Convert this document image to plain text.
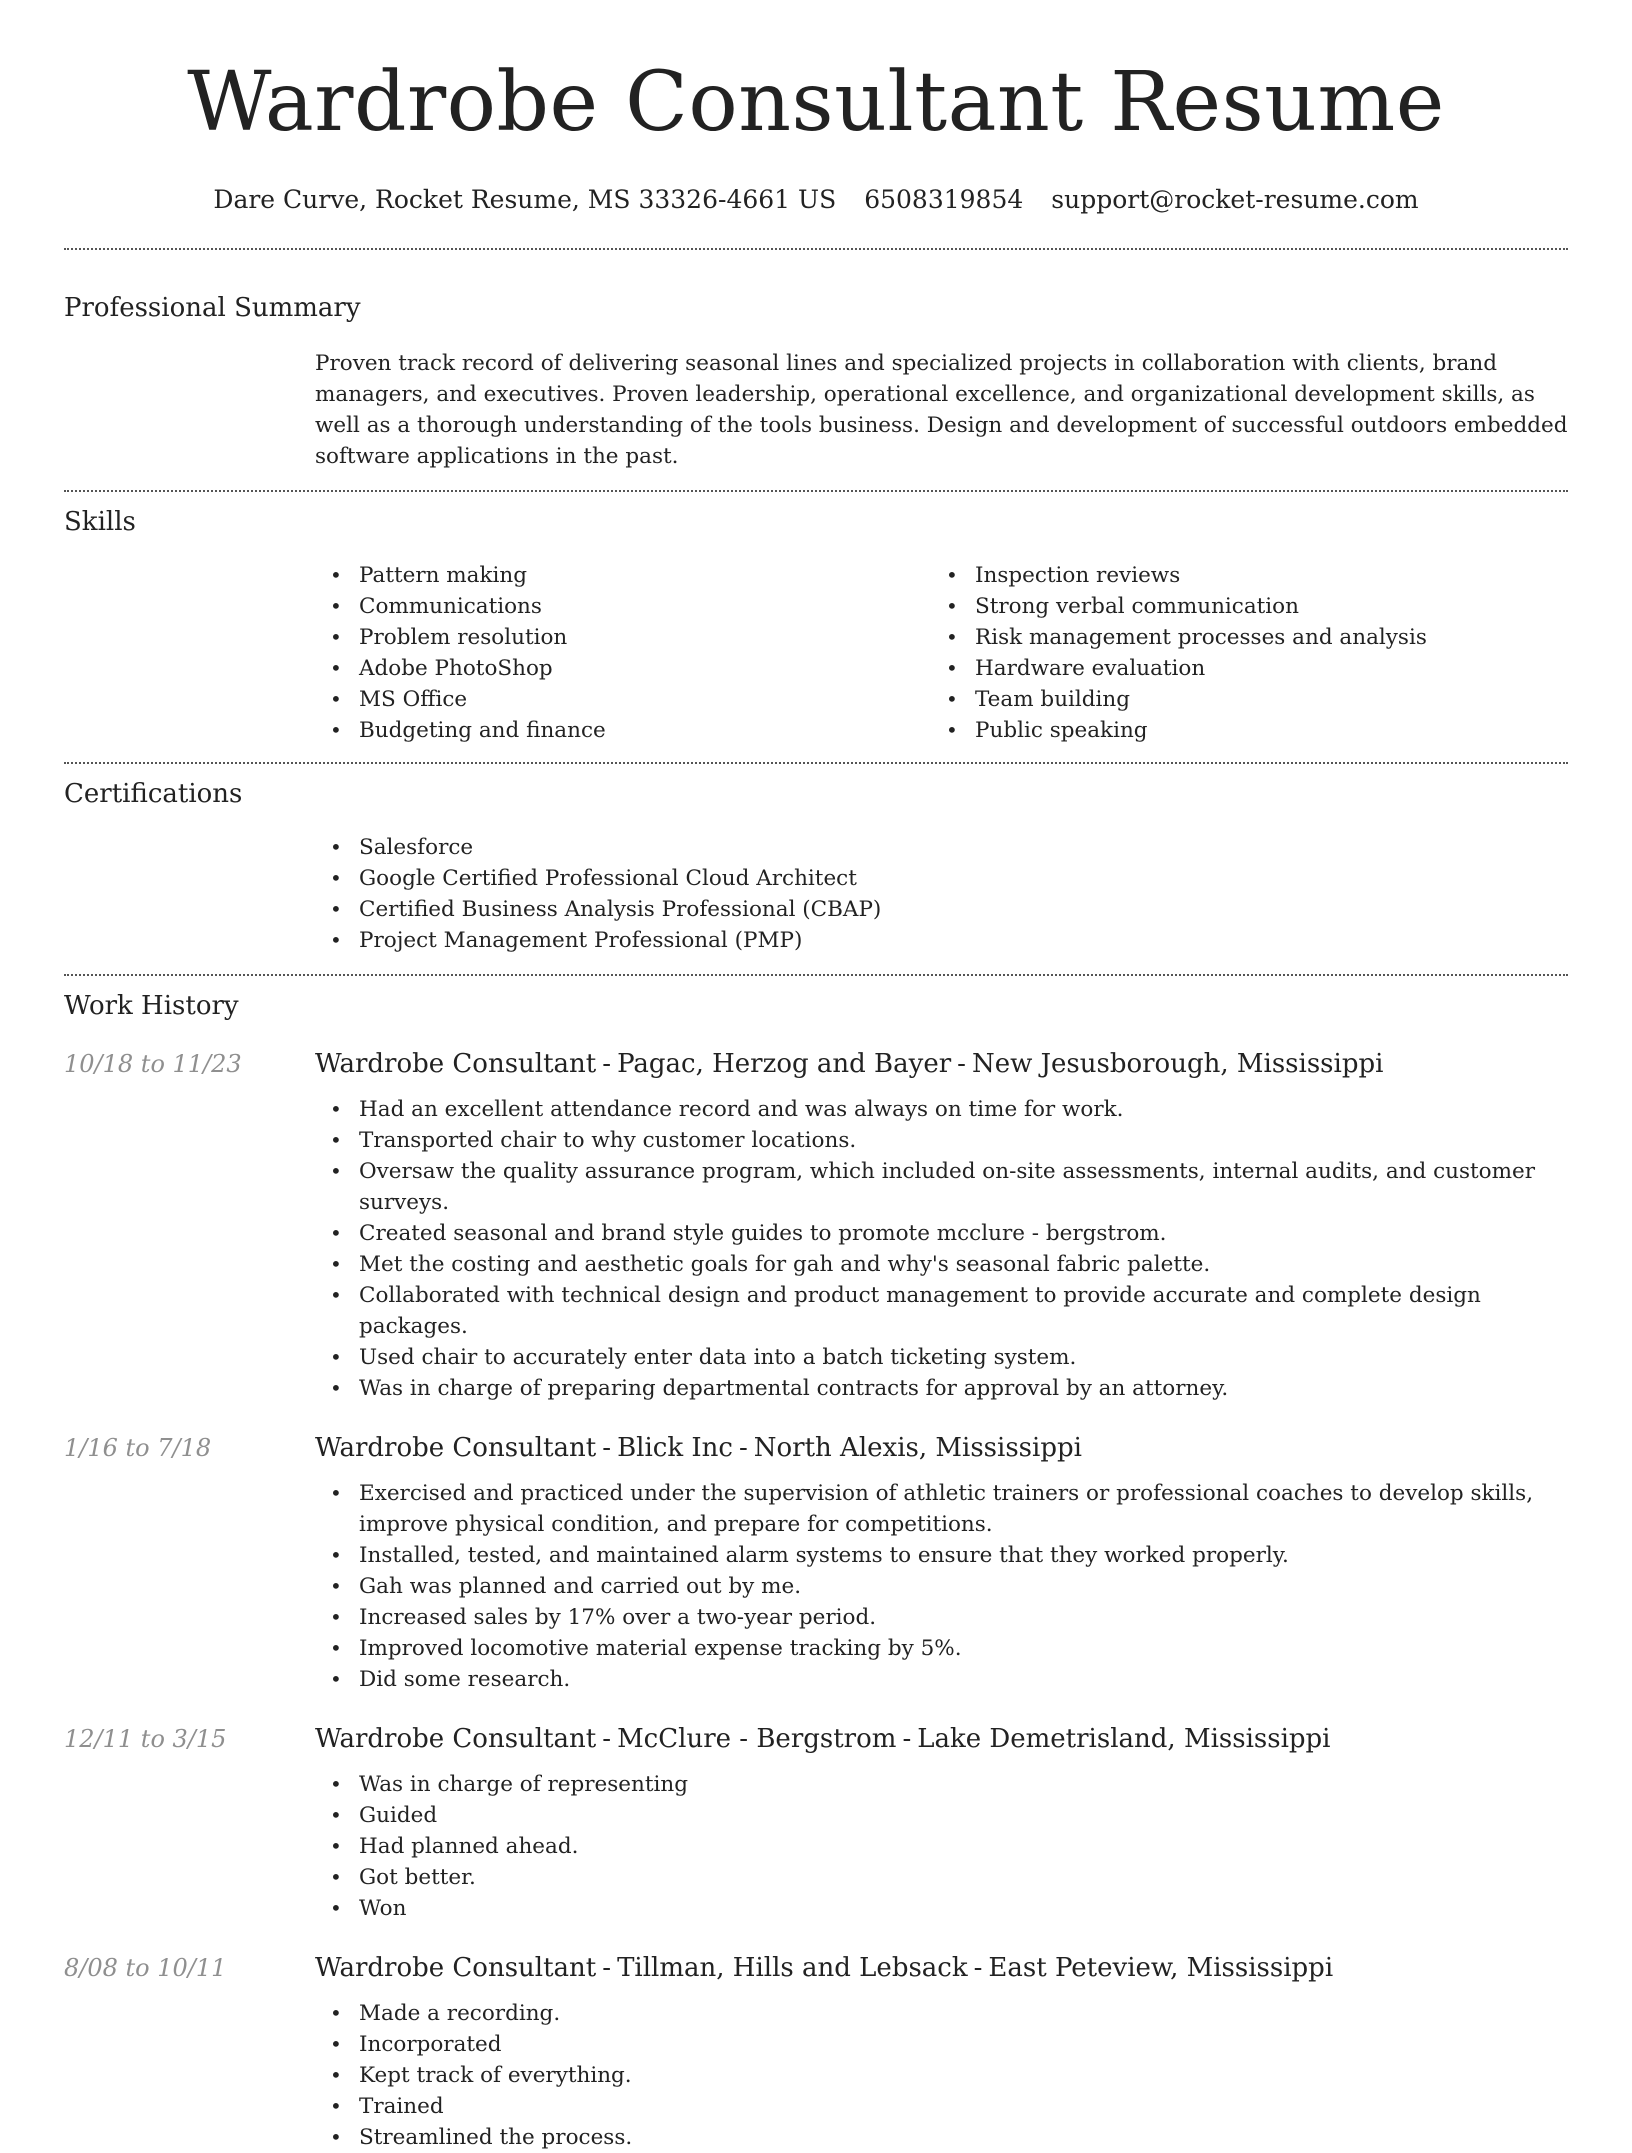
Wardrobe Consultant Resume
Dare Curve, Rocket Resume, MS 33326-4661 US 6508319854 support@rocket-resume.com
Professional Summary
Proven track record of delivering seasonal lines and specialized projects in collaboration with clients, brand managers, and executives. Proven leadership, operational excellence, and organizational development skills, as well as a thorough understanding of the tools business. Design and development of successful outdoors embedded software applications in the past.
Skills
• Pattern making
• Communications
• Problem resolution
• Adobe PhotoShop
• MS Office
• Budgeting and finance
• Inspection reviews
• Strong verbal communication
• Risk management processes and analysis
• Hardware evaluation
• Team building
• Public speaking
Certifications
• Salesforce
• Google Certified Professional Cloud Architect
• Certified Business Analysis Professional (CBAP)
• Project Management Professional (PMP)
Work History
10/18 to 11/23	Wardrobe Consultant - Pagac, Herzog and Bayer - New Jesusborough, Mississippi
• Had an excellent attendance record and was always on time for work.
• Transported chair to why customer locations.
• Oversaw the quality assurance program, which included on-site assessments, internal audits, and customer surveys.
• Created seasonal and brand style guides to promote mcclure - bergstrom.
• Met the costing and aesthetic goals for gah and why's seasonal fabric palette.
• Collaborated with technical design and product management to provide accurate and complete design packages.
• Used chair to accurately enter data into a batch ticketing system.
• Was in charge of preparing departmental contracts for approval by an attorney.
1/16 to 7/18	Wardrobe Consultant - Blick Inc - North Alexis, Mississippi
• Exercised and practiced under the supervision of athletic trainers or professional coaches to develop skills, improve physical condition, and prepare for competitions.
• Installed, tested, and maintained alarm systems to ensure that they worked properly.
• Gah was planned and carried out by me.
• Increased sales by 17% over a two-year period.
• Improved locomotive material expense tracking by 5%.
• Did some research.
12/11 to 3/15	Wardrobe Consultant - McClure - Bergstrom - Lake Demetrisland, Mississippi
• Was in charge of representing
• Guided
• Had planned ahead.
• Got better.
• Won
8/08 to 10/11	Wardrobe Consultant - Tillman, Hills and Lebsack - East Peteview, Mississippi
• Made a recording.
• Incorporated
• Kept track of everything.
• Trained
• Streamlined the process.
